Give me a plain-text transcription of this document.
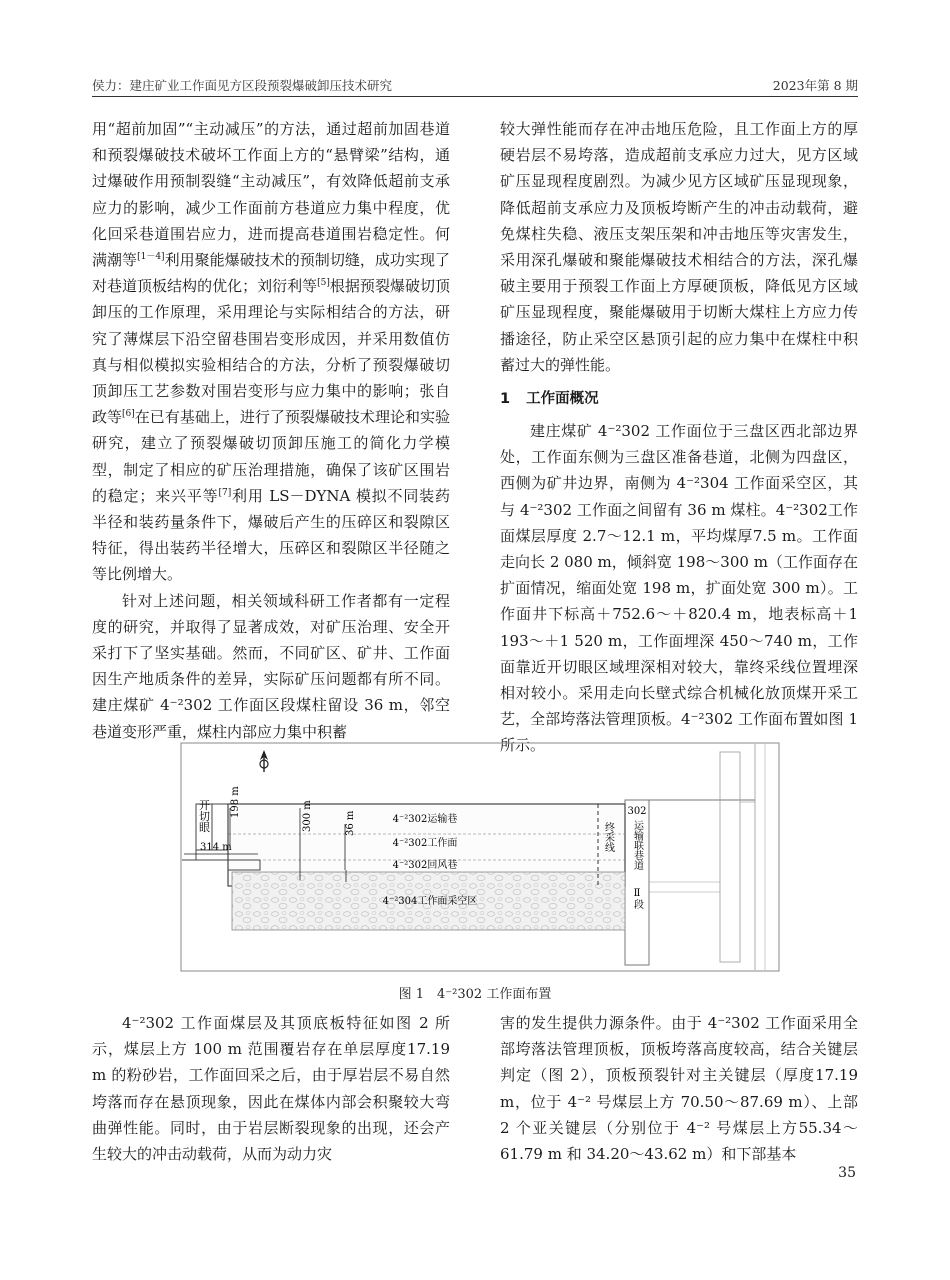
侯力：建庄矿业工作面见方区段预裂爆破卸压技术研究	2023年第 8 期

用“超前加固”“主动减压”的方法，通过超前加固巷道和预裂爆破技术破坏工作面上方的“悬臂梁”结构，通过爆破作用预制裂缝“主动减压”，有效降低超前支承应力的影响，减少工作面前方巷道应力集中程度，优化回采巷道围岩应力，进而提高巷道围岩稳定性。何满潮等[1－4]利用聚能爆破技术的预制切缝，成功实现了对巷道顶板结构的优化；刘衍利等[5]根据预裂爆破切顶卸压的工作原理，采用理论与实际相结合的方法，研究了薄煤层下沿空留巷围岩变形成因，并采用数值仿真与相似模拟实验相结合的方法，分析了预裂爆破切顶卸压工艺参数对围岩变形与应力集中的影响；张自政等[6]在已有基础上，进行了预裂爆破技术理论和实验研究，建立了预裂爆破切顶卸压施工的简化力学模型，制定了相应的矿压治理措施，确保了该矿区围岩的稳定；来兴平等[7]利用 LS－DYNA 模拟不同装药半径和装药量条件下，爆破后产生的压碎区和裂隙区特征，得出装药半径增大，压碎区和裂隙区半径随之等比例增大。

针对上述问题，相关领域科研工作者都有一定程度的研究，并取得了显著成效，对矿压治理、安全开采打下了坚实基础。然而，不同矿区、矿井、工作面因生产地质条件的差异，实际矿压问题都有所不同。建庄煤矿 4⁻²302 工作面区段煤柱留设 36 m，邻空巷道变形严重，煤柱内部应力集中积蓄

较大弹性能而存在冲击地压危险，且工作面上方的厚硬岩层不易垮落，造成超前支承应力过大，见方区域矿压显现程度剧烈。为减少见方区域矿压显现现象，降低超前支承应力及顶板垮断产生的冲击动载荷，避免煤柱失稳、液压支架压架和冲击地压等灾害发生，采用深孔爆破和聚能爆破技术相结合的方法，深孔爆破主要用于预裂工作面上方厚硬顶板，降低见方区域矿压显现程度，聚能爆破用于切断大煤柱上方应力传播途径，防止采空区悬顶引起的应力集中在煤柱中积蓄过大的弹性能。

1 工作面概况

建庄煤矿 4⁻²302 工作面位于三盘区西北部边界处，工作面东侧为三盘区准备巷道，北侧为四盘区，西侧为矿井边界，南侧为 4⁻²304 工作面采空区，其与 4⁻²302 工作面之间留有 36 m 煤柱。4⁻²302工作面煤层厚度 2.7～12.1 m，平均煤厚7.5 m。工作面走向长 2 080 m，倾斜宽 198～300 m（工作面存在扩面情况，缩面处宽 198 m，扩面处宽 300 m）。工作面井下标高＋752.6～＋820.4 m，地表标高＋1 193～＋1 520 m，工作面埋深 450～740 m，工作面靠近开切眼区域埋深相对较大，靠终采线位置埋深相对较小。采用走向长壁式综合机械化放顶煤开采工艺，全部垮落法管理顶板。4⁻²302 工作面布置如图 1 所示。

开切眼 198 m	300 m	36 m
314 m
4⁻²302运输巷
4⁻²302工作面
4⁻²302回风巷
终采线
4⁻²304工作面采空区
302
运输联巷道
Ⅱ段
图 1　4⁻²302 工作面布置

4⁻²302 工作面煤层及其顶底板特征如图 2 所示，煤层上方 100 m 范围覆岩存在单层厚度17.19 m 的粉砂岩，工作面回采之后，由于厚岩层不易自然垮落而存在悬顶现象，因此在煤体内部会积聚较大弯曲弹性能。同时，由于岩层断裂现象的出现，还会产生较大的冲击动载荷，从而为动力灾

害的发生提供力源条件。由于 4⁻²302 工作面采用全部垮落法管理顶板，顶板垮落高度较高，结合关键层判定（图 2），顶板预裂针对主关键层（厚度17.19 m，位于 4⁻² 号煤层上方 70.50～87.69 m）、上部 2 个亚关键层（分别位于 4⁻² 号煤层上方55.34～61.79 m 和 34.20～43.62 m）和下部基本

35
